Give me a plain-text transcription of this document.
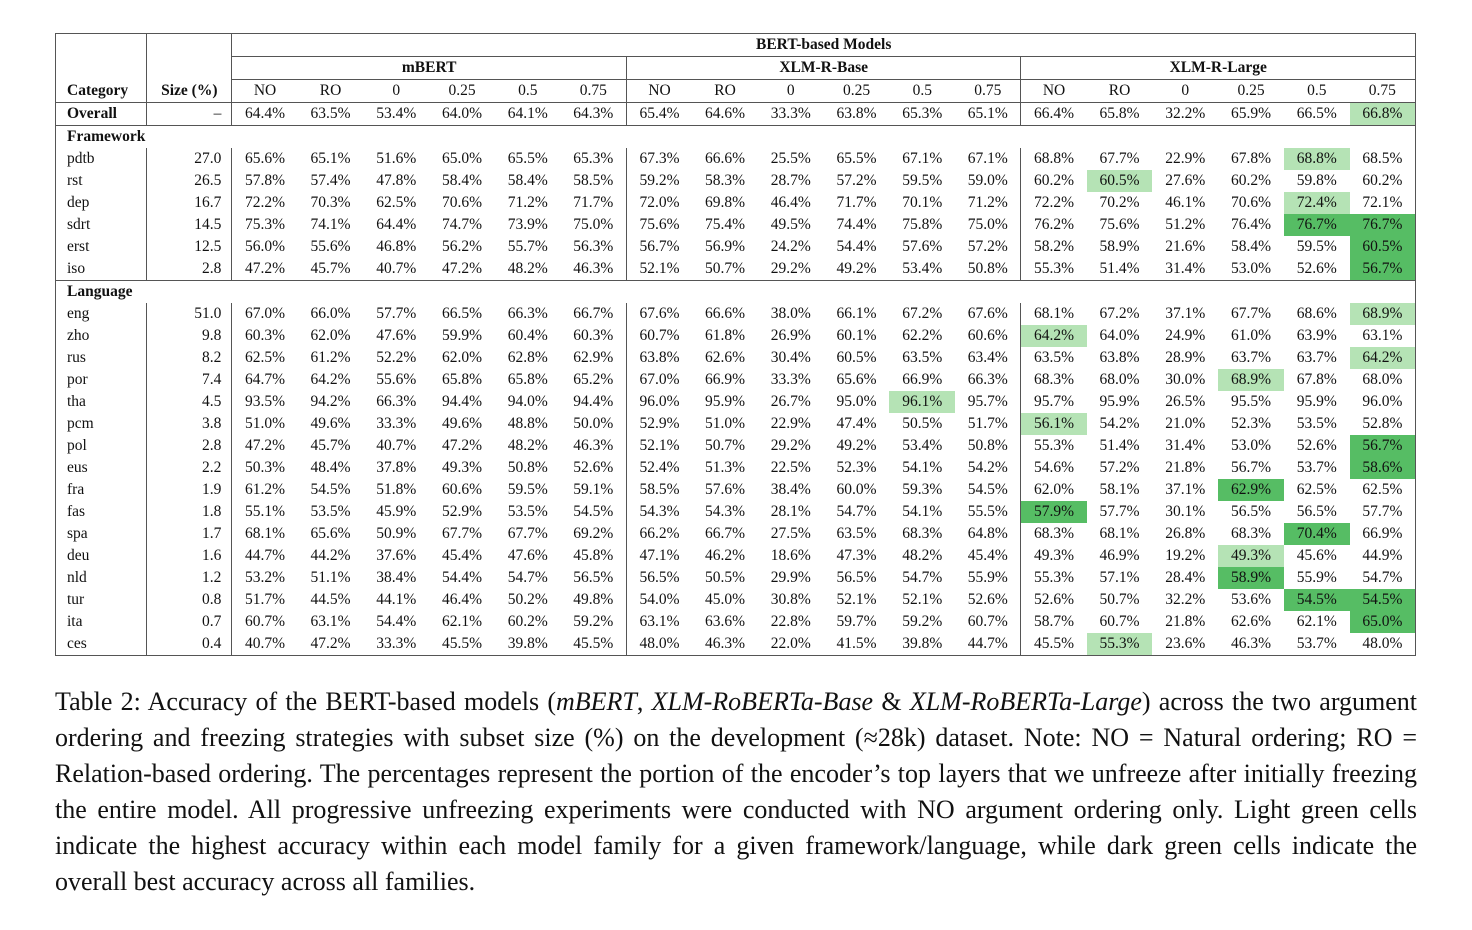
		BERT-based Models																	
		mBERT						XLM-R-Base						XLM-R-Large					
Category	Size (%)	NO	RO	0	0.25	0.5	0.75	NO	RO	0	0.25	0.5	0.75	NO	RO	0	0.25	0.5	0.75
Overall	–	64.4%	63.5%	53.4%	64.0%	64.1%	64.3%	65.4%	64.6%	33.3%	63.8%	65.3%	65.1%	66.4%	65.8%	32.2%	65.9%	66.5%	66.8%
Framework																			
pdtb	27.0	65.6%	65.1%	51.6%	65.0%	65.5%	65.3%	67.3%	66.6%	25.5%	65.5%	67.1%	67.1%	68.8%	67.7%	22.9%	67.8%	68.8%	68.5%
rst	26.5	57.8%	57.4%	47.8%	58.4%	58.4%	58.5%	59.2%	58.3%	28.7%	57.2%	59.5%	59.0%	60.2%	60.5%	27.6%	60.2%	59.8%	60.2%
dep	16.7	72.2%	70.3%	62.5%	70.6%	71.2%	71.7%	72.0%	69.8%	46.4%	71.7%	70.1%	71.2%	72.2%	70.2%	46.1%	70.6%	72.4%	72.1%
sdrt	14.5	75.3%	74.1%	64.4%	74.7%	73.9%	75.0%	75.6%	75.4%	49.5%	74.4%	75.8%	75.0%	76.2%	75.6%	51.2%	76.4%	76.7%	76.7%
erst	12.5	56.0%	55.6%	46.8%	56.2%	55.7%	56.3%	56.7%	56.9%	24.2%	54.4%	57.6%	57.2%	58.2%	58.9%	21.6%	58.4%	59.5%	60.5%
iso	2.8	47.2%	45.7%	40.7%	47.2%	48.2%	46.3%	52.1%	50.7%	29.2%	49.2%	53.4%	50.8%	55.3%	51.4%	31.4%	53.0%	52.6%	56.7%
Language																			
eng	51.0	67.0%	66.0%	57.7%	66.5%	66.3%	66.7%	67.6%	66.6%	38.0%	66.1%	67.2%	67.6%	68.1%	67.2%	37.1%	67.7%	68.6%	68.9%
zho	9.8	60.3%	62.0%	47.6%	59.9%	60.4%	60.3%	60.7%	61.8%	26.9%	60.1%	62.2%	60.6%	64.2%	64.0%	24.9%	61.0%	63.9%	63.1%
rus	8.2	62.5%	61.2%	52.2%	62.0%	62.8%	62.9%	63.8%	62.6%	30.4%	60.5%	63.5%	63.4%	63.5%	63.8%	28.9%	63.7%	63.7%	64.2%
por	7.4	64.7%	64.2%	55.6%	65.8%	65.8%	65.2%	67.0%	66.9%	33.3%	65.6%	66.9%	66.3%	68.3%	68.0%	30.0%	68.9%	67.8%	68.0%
tha	4.5	93.5%	94.2%	66.3%	94.4%	94.0%	94.4%	96.0%	95.9%	26.7%	95.0%	96.1%	95.7%	95.7%	95.9%	26.5%	95.5%	95.9%	96.0%
pcm	3.8	51.0%	49.6%	33.3%	49.6%	48.8%	50.0%	52.9%	51.0%	22.9%	47.4%	50.5%	51.7%	56.1%	54.2%	21.0%	52.3%	53.5%	52.8%
pol	2.8	47.2%	45.7%	40.7%	47.2%	48.2%	46.3%	52.1%	50.7%	29.2%	49.2%	53.4%	50.8%	55.3%	51.4%	31.4%	53.0%	52.6%	56.7%
eus	2.2	50.3%	48.4%	37.8%	49.3%	50.8%	52.6%	52.4%	51.3%	22.5%	52.3%	54.1%	54.2%	54.6%	57.2%	21.8%	56.7%	53.7%	58.6%
fra	1.9	61.2%	54.5%	51.8%	60.6%	59.5%	59.1%	58.5%	57.6%	38.4%	60.0%	59.3%	54.5%	62.0%	58.1%	37.1%	62.9%	62.5%	62.5%
fas	1.8	55.1%	53.5%	45.9%	52.9%	53.5%	54.5%	54.3%	54.3%	28.1%	54.7%	54.1%	55.5%	57.9%	57.7%	30.1%	56.5%	56.5%	57.7%
spa	1.7	68.1%	65.6%	50.9%	67.7%	67.7%	69.2%	66.2%	66.7%	27.5%	63.5%	68.3%	64.8%	68.3%	68.1%	26.8%	68.3%	70.4%	66.9%
deu	1.6	44.7%	44.2%	37.6%	45.4%	47.6%	45.8%	47.1%	46.2%	18.6%	47.3%	48.2%	45.4%	49.3%	46.9%	19.2%	49.3%	45.6%	44.9%
nld	1.2	53.2%	51.1%	38.4%	54.4%	54.7%	56.5%	56.5%	50.5%	29.9%	56.5%	54.7%	55.9%	55.3%	57.1%	28.4%	58.9%	55.9%	54.7%
tur	0.8	51.7%	44.5%	44.1%	46.4%	50.2%	49.8%	54.0%	45.0%	30.8%	52.1%	52.1%	52.6%	52.6%	50.7%	32.2%	53.6%	54.5%	54.5%
ita	0.7	60.7%	63.1%	54.4%	62.1%	60.2%	59.2%	63.1%	63.6%	22.8%	59.7%	59.2%	60.7%	58.7%	60.7%	21.8%	62.6%	62.1%	65.0%
ces	0.4	40.7%	47.2%	33.3%	45.5%	39.8%	45.5%	48.0%	46.3%	22.0%	41.5%	39.8%	44.7%	45.5%	55.3%	23.6%	46.3%	53.7%	48.0%

Table 2: Accuracy of the BERT-based models (mBERT, XLM-RoBERTa-Base & XLM-RoBERTa-Large) across the two argument ordering and freezing strategies with subset size (%) on the development (≈28k) dataset. Note: NO = Natural ordering; RO = Relation-based ordering. The percentages represent the portion of the encoder’s top layers that we unfreeze after initially freezing the entire model. All progressive unfreezing experiments were conducted with NO argument ordering only. Light green cells indicate the highest accuracy within each model family for a given framework/language, while dark green cells indicate the overall best accuracy across all families.
